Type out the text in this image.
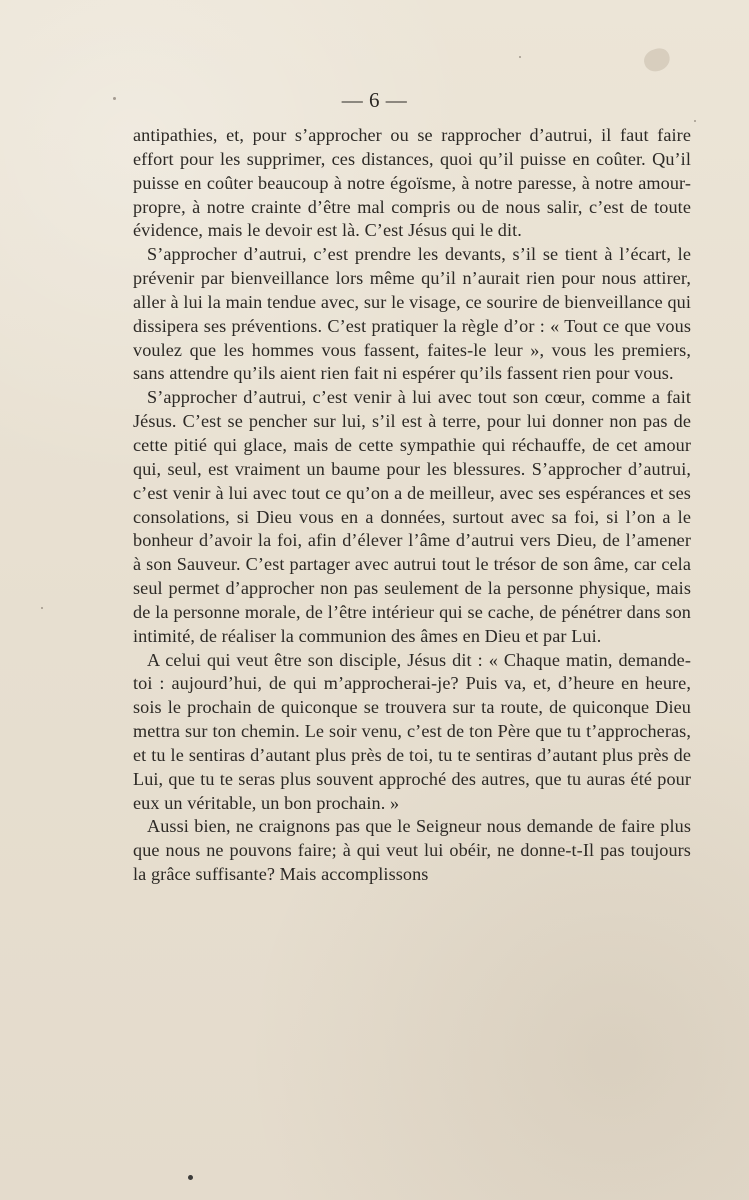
— 6 —

antipathies, et, pour s’approcher ou se rapprocher d’autrui, il faut faire effort pour les supprimer, ces distances, quoi qu’il puisse en coûter. Qu’il puisse en coûter beaucoup à notre égoïsme, à notre paresse, à notre amour-propre, à notre crainte d’être mal compris ou de nous salir, c’est de toute évidence, mais le devoir est là. C’est Jésus qui le dit.

S’approcher d’autrui, c’est prendre les devants, s’il se tient à l’écart, le prévenir par bienveillance lors même qu’il n’aurait rien pour nous attirer, aller à lui la main tendue avec, sur le visage, ce sourire de bienveillance qui dissipera ses préventions. C’est pratiquer la règle d’or : « Tout ce que vous voulez que les hommes vous fassent, faites-le leur », vous les premiers, sans attendre qu’ils aient rien fait ni espérer qu’ils fassent rien pour vous.

S’approcher d’autrui, c’est venir à lui avec tout son cœur, comme a fait Jésus. C’est se pencher sur lui, s’il est à terre, pour lui donner non pas de cette pitié qui glace, mais de cette sympathie qui réchauffe, de cet amour qui, seul, est vraiment un baume pour les blessures. S’approcher d’autrui, c’est venir à lui avec tout ce qu’on a de meilleur, avec ses espérances et ses consolations, si Dieu vous en a données, surtout avec sa foi, si l’on a le bonheur d’avoir la foi, afin d’élever l’âme d’autrui vers Dieu, de l’amener à son Sauveur. C’est partager avec autrui tout le trésor de son âme, car cela seul permet d’approcher non pas seulement de la personne physique, mais de la personne morale, de l’être intérieur qui se cache, de pénétrer dans son intimité, de réaliser la communion des âmes en Dieu et par Lui.

A celui qui veut être son disciple, Jésus dit : « Chaque matin, demande-toi : aujourd’hui, de qui m’approcherai-je? Puis va, et, d’heure en heure, sois le prochain de quiconque se trouvera sur ta route, de quiconque Dieu mettra sur ton chemin. Le soir venu, c’est de ton Père que tu t’approcheras, et tu le sentiras d’autant plus près de toi, tu te sentiras d’autant plus près de Lui, que tu te seras plus souvent approché des autres, que tu auras été pour eux un véritable, un bon prochain. »

Aussi bien, ne craignons pas que le Seigneur nous demande de faire plus que nous ne pouvons faire; à qui veut lui obéir, ne donne-t-Il pas toujours la grâce suffisante? Mais accomplissons
